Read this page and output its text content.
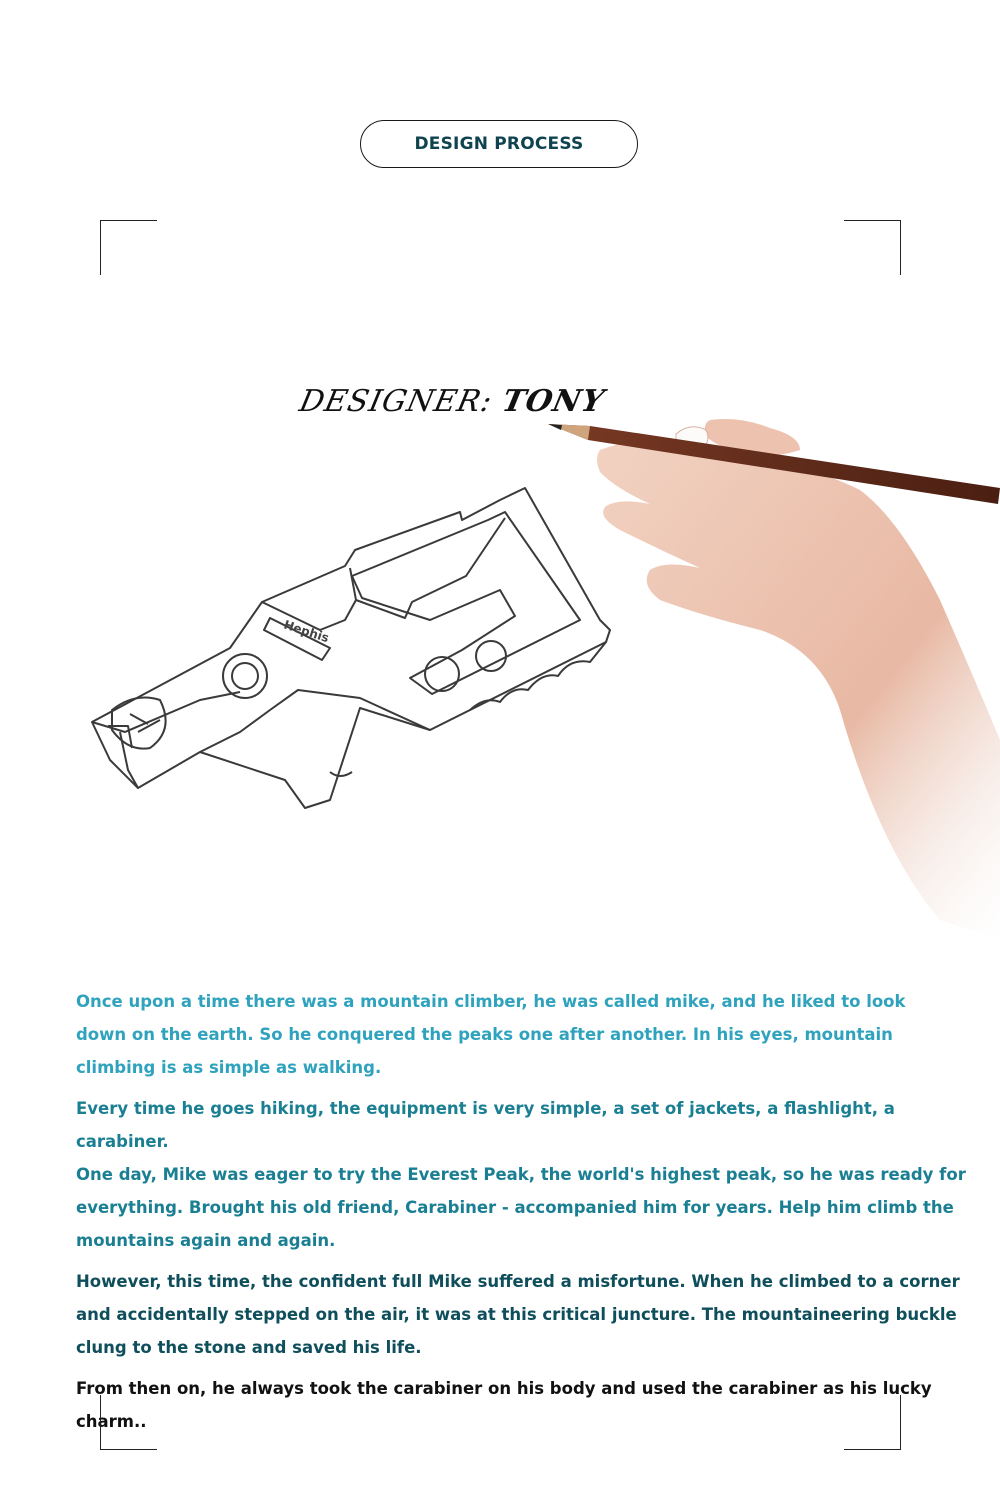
DESIGN PROCESS
DESIGNER: TONY
Hephis

Once upon a time there was a mountain climber, he was called mike, and he liked to look
down on the earth. So he conquered the peaks one after another. In his eyes, mountain
climbing is as simple as walking.

Every time he goes hiking, the equipment is very simple, a set of jackets, a flashlight, a carabiner.
One day, Mike was eager to try the Everest Peak, the world's highest peak, so he was ready for
everything. Brought his old friend, Carabiner - accompanied him for years. Help him climb the
mountains again and again.

However, this time, the confident full Mike suffered a misfortune. When he climbed to a corner
and accidentally stepped on the air, it was at this critical juncture. The mountaineering buckle
clung to the stone and saved his life.

From then on, he always took the carabiner on his body and used the carabiner as his lucky charm..
